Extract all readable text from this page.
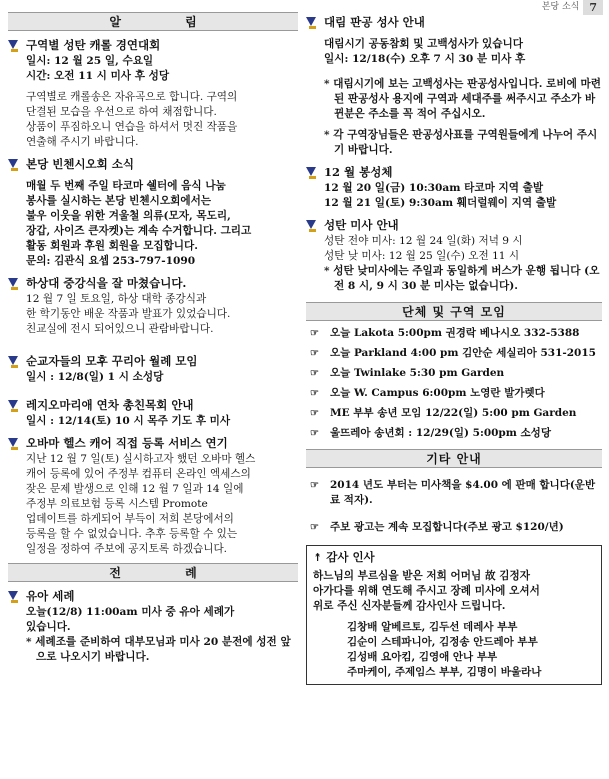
본당 소식 7
알 림
구역별 성탄 캐롤 경연대회
일시: 12 월 25 일, 수요일
시간: 오전 11 시 미사 후 성당
구역별로 캐롤송은 자유곡으로 합니다. 구역의
단결된 모습을 우선으로 하여 채점합니다.
상품이 푸짐하오니 연습을 하셔서 멋진 작품을
연출해 주시기 바랍니다.
본당 빈첸시오회 소식
매월 두 번째 주일 타코마 쉘터에 음식 나눔
봉사를 실시하는 본당 빈첸시오회에서는
불우 이웃을 위한 겨울철 의류(모자, 목도리,
장갑, 사이즈 큰자켓)는 계속 수거합니다. 그리고
활동 회원과 후원 회원을 모집합니다.
문의: 김관식 요셉 253-797-1090
하상대 중강식을 잘 마쳤습니다.
12 월 7 일 토요일, 하상 대학 종강식과
한 학기동안 배운 작품과 발표가 있었습니다.
친교실에 전시 되어있으니 관람바랍니다.
순교자들의 모후 꾸리아 월례 모임
일시 : 12/8(일) 1 시 소성당
레지오마리애 연차 총친목회 안내
일시 : 12/14(토) 10 시 목주 기도 후 미사
오바마 헬스 캐어 직접 등록 서비스 연기
지난 12 월 7 일(토) 실시하고자 했던 오바마 헬스
캐어 등록에 있어 주정부 컴퓨터 온라인 엑세스의
잦은 문제 발생으로 인해 12 월 7 일과 14 일에
주정부 의료보험 등록 시스템 Promote
업데이트를 하게되어 부득이 저희 본당에서의
등록을 할 수 없었습니다. 추후 등록할 수 있는
일정을 정하여 주보에 공지토록 하겠습니다.
전 례
유아 세례
오늘(12/8) 11:00am 미사 중 유아 세례가
있습니다.
* 세례조를 준비하여 대부모님과 미사 20 분전에 성전 앞으로 나오시기 바랍니다.
대림 판공 성사 안내
대림시기 공동참회 및 고백성사가 있습니다
일시: 12/18(수) 오후 7 시 30 분 미사 후
* 대림시기에 보는 고백성사는 판공성사입니다. 로비에 마련된 판공성사 용지에 구역과 세대주를 써주시고 주소가 바뀐분은 주소를 꼭 적어 주십시오.
* 각 구역장님들은 판공성사표를 구역원들에게 나누어 주시기 바랍니다.
12 월 봉성체
12 월 20 일(금) 10:30am 타코마 지역 출발
12 월 21 일(토) 9:30am 훼더럴웨이 지역 출발
성탄 미사 안내
성탄 전야 미사: 12 월 24 일(화) 저녁 9 시
성탄 낮 미사: 12 월 25 일(수) 오전 11 시
* 성탄 낮미사에는 주일과 동일하게 버스가 운행 됩니다 (오전 8 시, 9 시 30 분 미사는 없습니다).
단체 및 구역 모임
☞	오늘 Lakota 5:00pm 권경락 베나시오 332-5388
☞	오늘 Parkland 4:00 pm 김안순 세실리아 531-2015
☞	오늘 Twinlake 5:30 pm Garden
☞	오늘 W. Campus 6:00pm 노영란 발가렛다
☞	ME 부부 송년 모임 12/22(일) 5:00 pm Garden
☞	울뜨레아 송년회 : 12/29(일) 5:00pm 소성당
기타 안내
☞	2014 년도 부터는 미사책을 $4.00 에 판매 합니다(운반료 적자).
☞	주보 광고는 계속 모집합니다(주보 광고 $120/년)
↟ 감사 인사
하느님의 부르심을 받은 저희 어머님 故 김정자
아가다를 위해 연도해 주시고 장례 미사에 오셔서
위로 주신 신자분들께 감사인사 드립니다.
김창배 알베르토, 김두선 데레사 부부
김순이 스테파니아, 김정송 안드레아 부부
김성배 요아킴, 김영애 안나 부부
주마케이, 주제임스 부부, 김명이 바울라나
